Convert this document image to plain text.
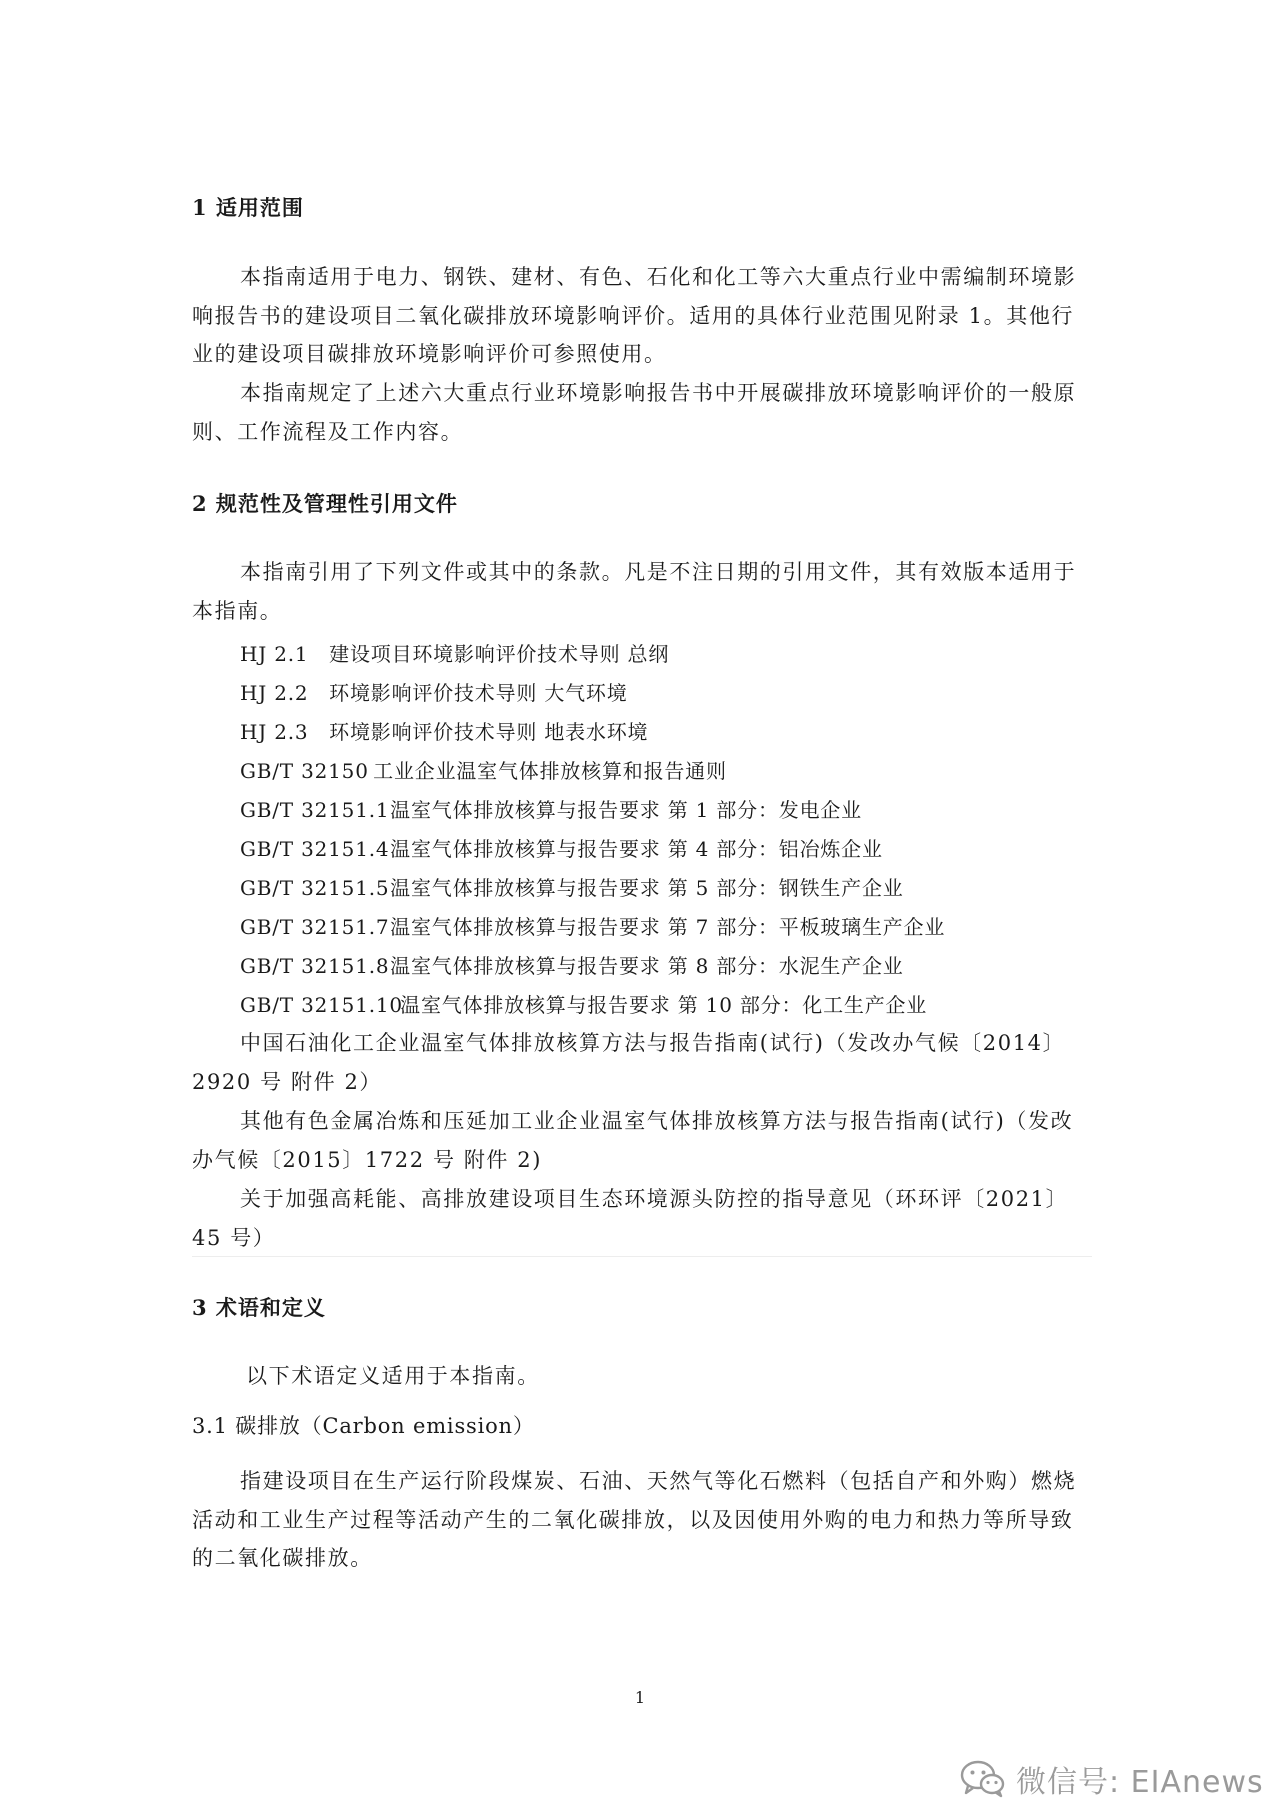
1 适用范围

本指南适用于电力、钢铁、建材、有色、石化和化工等六大重点行业中需编制环境影响报告书的建设项目二氧化碳排放环境影响评价。适用的具体行业范围见附录 1。其他行业的建设项目碳排放环境影响评价可参照使用。

本指南规定了上述六大重点行业环境影响报告书中开展碳排放环境影响评价的一般原则、工作流程及工作内容。

2 规范性及管理性引用文件

本指南引用了下列文件或其中的条款。凡是不注日期的引用文件，其有效版本适用于本指南。

HJ 2.1 建设项目环境影响评价技术导则 总纲
HJ 2.2 环境影响评价技术导则 大气环境
HJ 2.3 环境影响评价技术导则 地表水环境
GB/T 32150 工业企业温室气体排放核算和报告通则
GB/T 32151.1 温室气体排放核算与报告要求 第 1 部分：发电企业
GB/T 32151.4 温室气体排放核算与报告要求 第 4 部分：铝冶炼企业
GB/T 32151.5 温室气体排放核算与报告要求 第 5 部分：钢铁生产企业
GB/T 32151.7 温室气体排放核算与报告要求 第 7 部分：平板玻璃生产企业
GB/T 32151.8 温室气体排放核算与报告要求 第 8 部分：水泥生产企业
GB/T 32151.10 温室气体排放核算与报告要求 第 10 部分：化工生产企业

中国石油化工企业温室气体排放核算方法与报告指南(试行)（发改办气候〔2014〕2920 号 附件 2）

其他有色金属冶炼和压延加工业企业温室气体排放核算方法与报告指南(试行)（发改办气候〔2015〕1722 号 附件 2)

关于加强高耗能、高排放建设项目生态环境源头防控的指导意见（环环评〔2021〕45 号）

3 术语和定义

以下术语定义适用于本指南。

3.1 碳排放（Carbon emission）

指建设项目在生产运行阶段煤炭、石油、天然气等化石燃料（包括自产和外购）燃烧活动和工业生产过程等活动产生的二氧化碳排放，以及因使用外购的电力和热力等所导致的二氧化碳排放。

1

微信号: EIAnews
